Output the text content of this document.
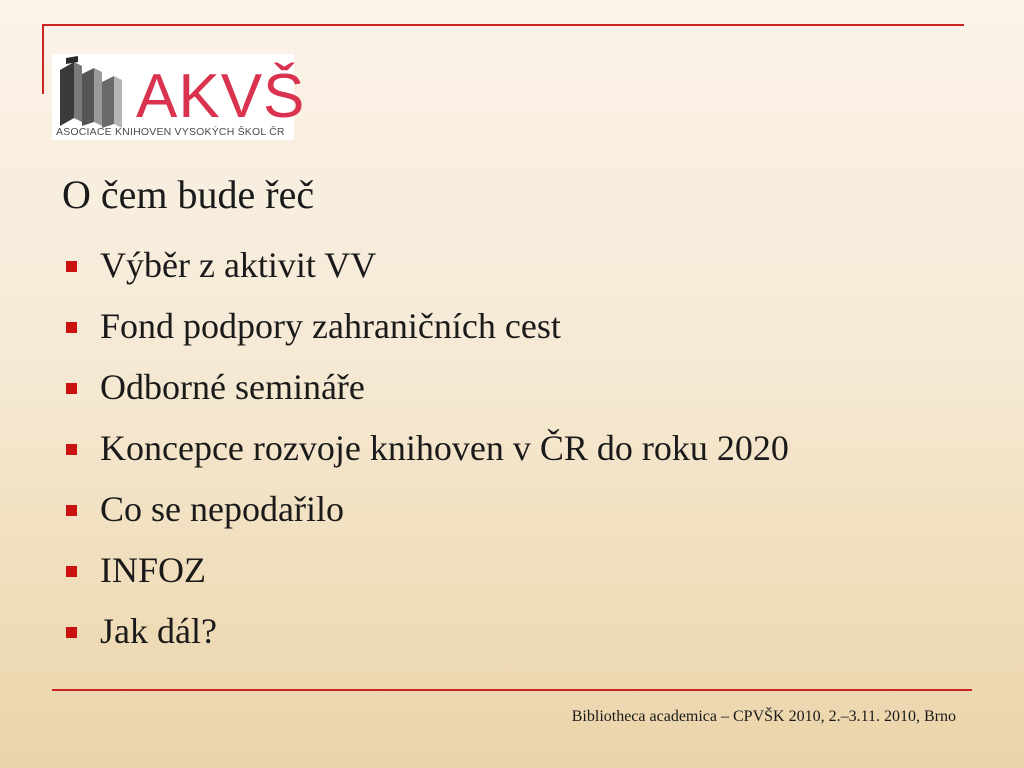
AKVŠ
ASOCIACE KNIHOVEN VYSOKÝCH ŠKOL ČR
O čem bude řeč
Výběr z aktivit VV
Fond podpory zahraničních cest
Odborné semináře
Koncepce rozvoje knihoven v ČR do roku 2020
Co se nepodařilo
INFOZ
Jak dál?
Bibliotheca academica – CPVŠK 2010, 2.–3.11. 2010, Brno
